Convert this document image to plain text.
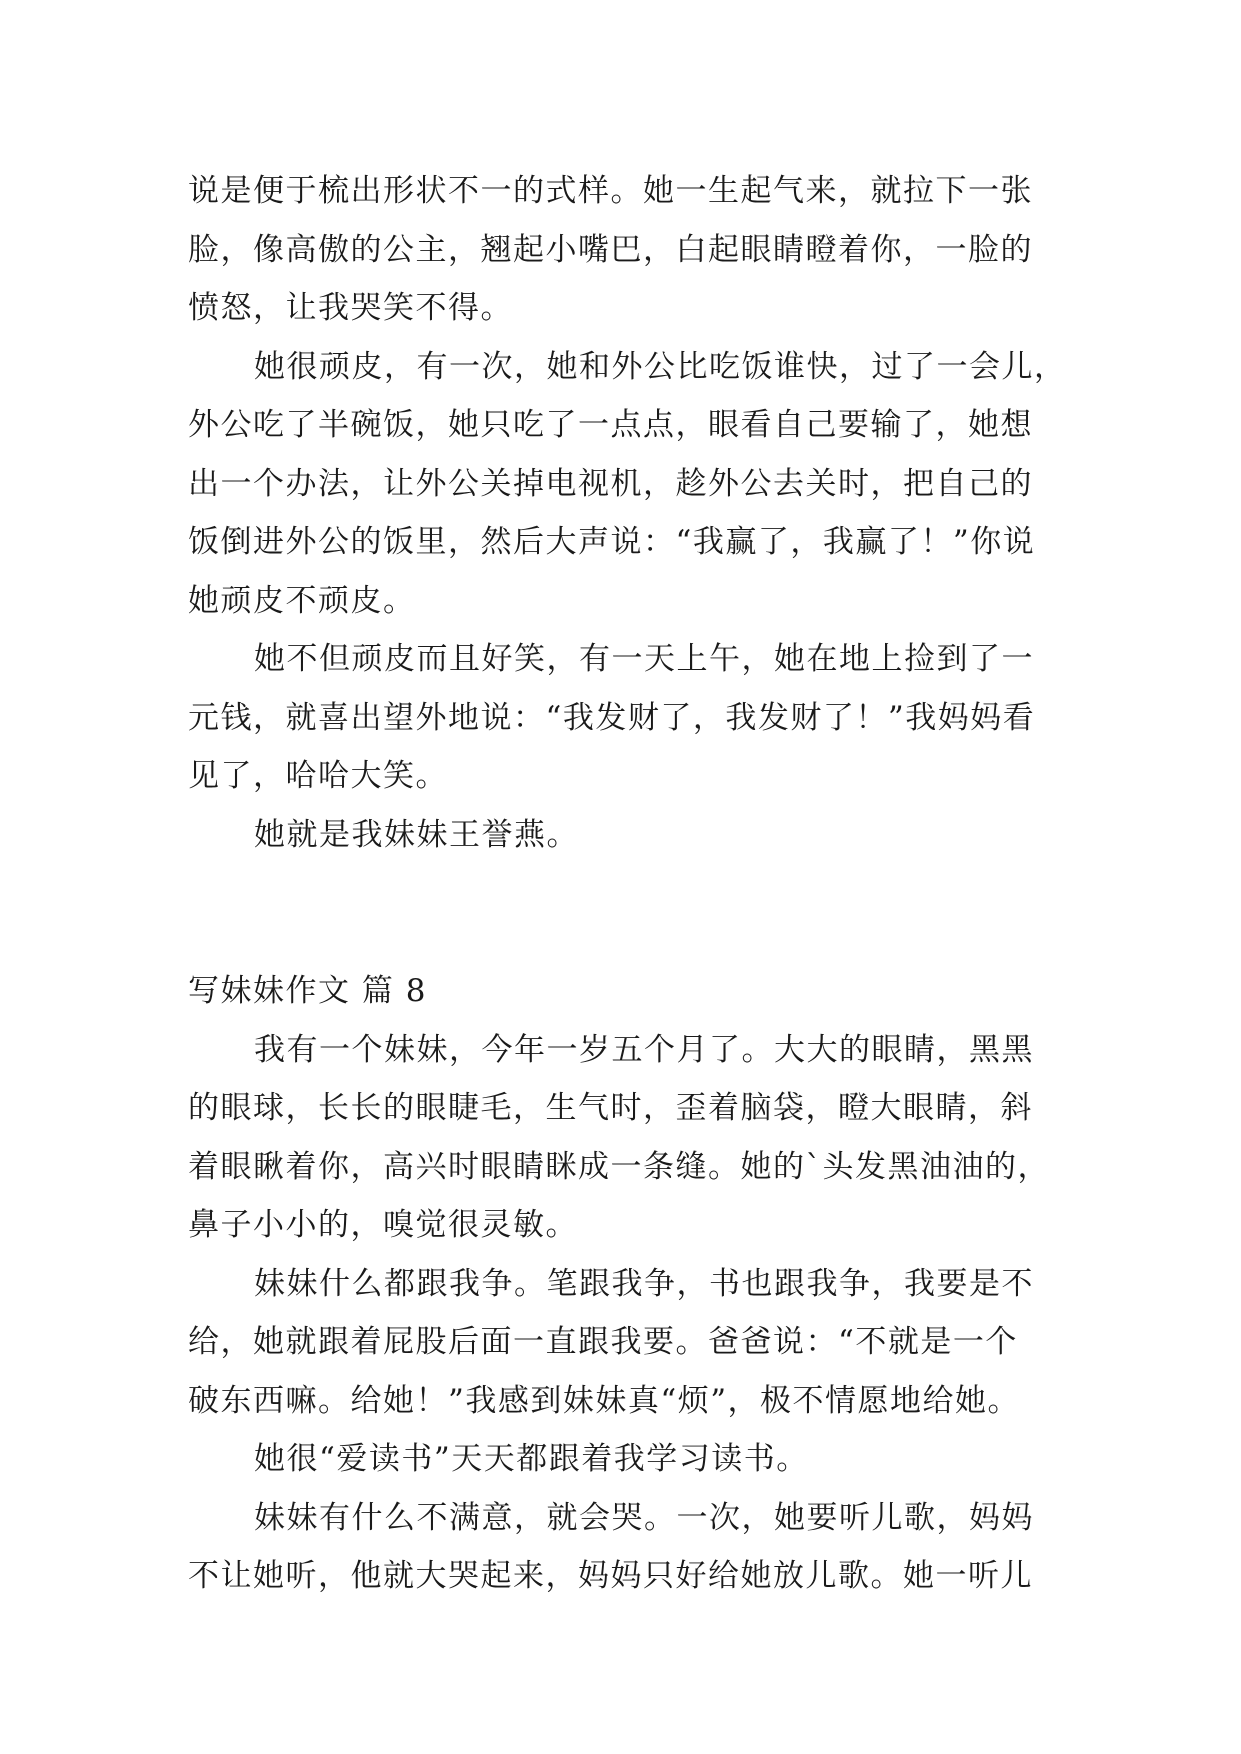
说是便于梳出形状不一的式样。她一生起气来，就拉下一张
脸，像高傲的公主，翘起小嘴巴，白起眼睛瞪着你，一脸的
愤怒，让我哭笑不得。
她很顽皮，有一次，她和外公比吃饭谁快，过了一会儿，
外公吃了半碗饭，她只吃了一点点，眼看自己要输了，她想
出一个办法，让外公关掉电视机，趁外公去关时，把自己的
饭倒进外公的饭里，然后大声说：“我赢了，我赢了！”你说
她顽皮不顽皮。
她不但顽皮而且好笑，有一天上午，她在地上捡到了一
元钱，就喜出望外地说：“我发财了，我发财了！”我妈妈看
见了，哈哈大笑。
她就是我妹妹王誉燕。
写妹妹作文 篇 8
我有一个妹妹，今年一岁五个月了。大大的眼睛，黑黑
的眼球，长长的眼睫毛，生气时，歪着脑袋，瞪大眼睛，斜
着眼瞅着你，高兴时眼睛眯成一条缝。她的`头发黑油油的，
鼻子小小的，嗅觉很灵敏。
妹妹什么都跟我争。笔跟我争，书也跟我争，我要是不
给，她就跟着屁股后面一直跟我要。爸爸说：“不就是一个
破东西嘛。给她！”我感到妹妹真“烦”，极不情愿地给她。
她很“爱读书”天天都跟着我学习读书。
妹妹有什么不满意，就会哭。一次，她要听儿歌，妈妈
不让她听，他就大哭起来，妈妈只好给她放儿歌。她一听儿
